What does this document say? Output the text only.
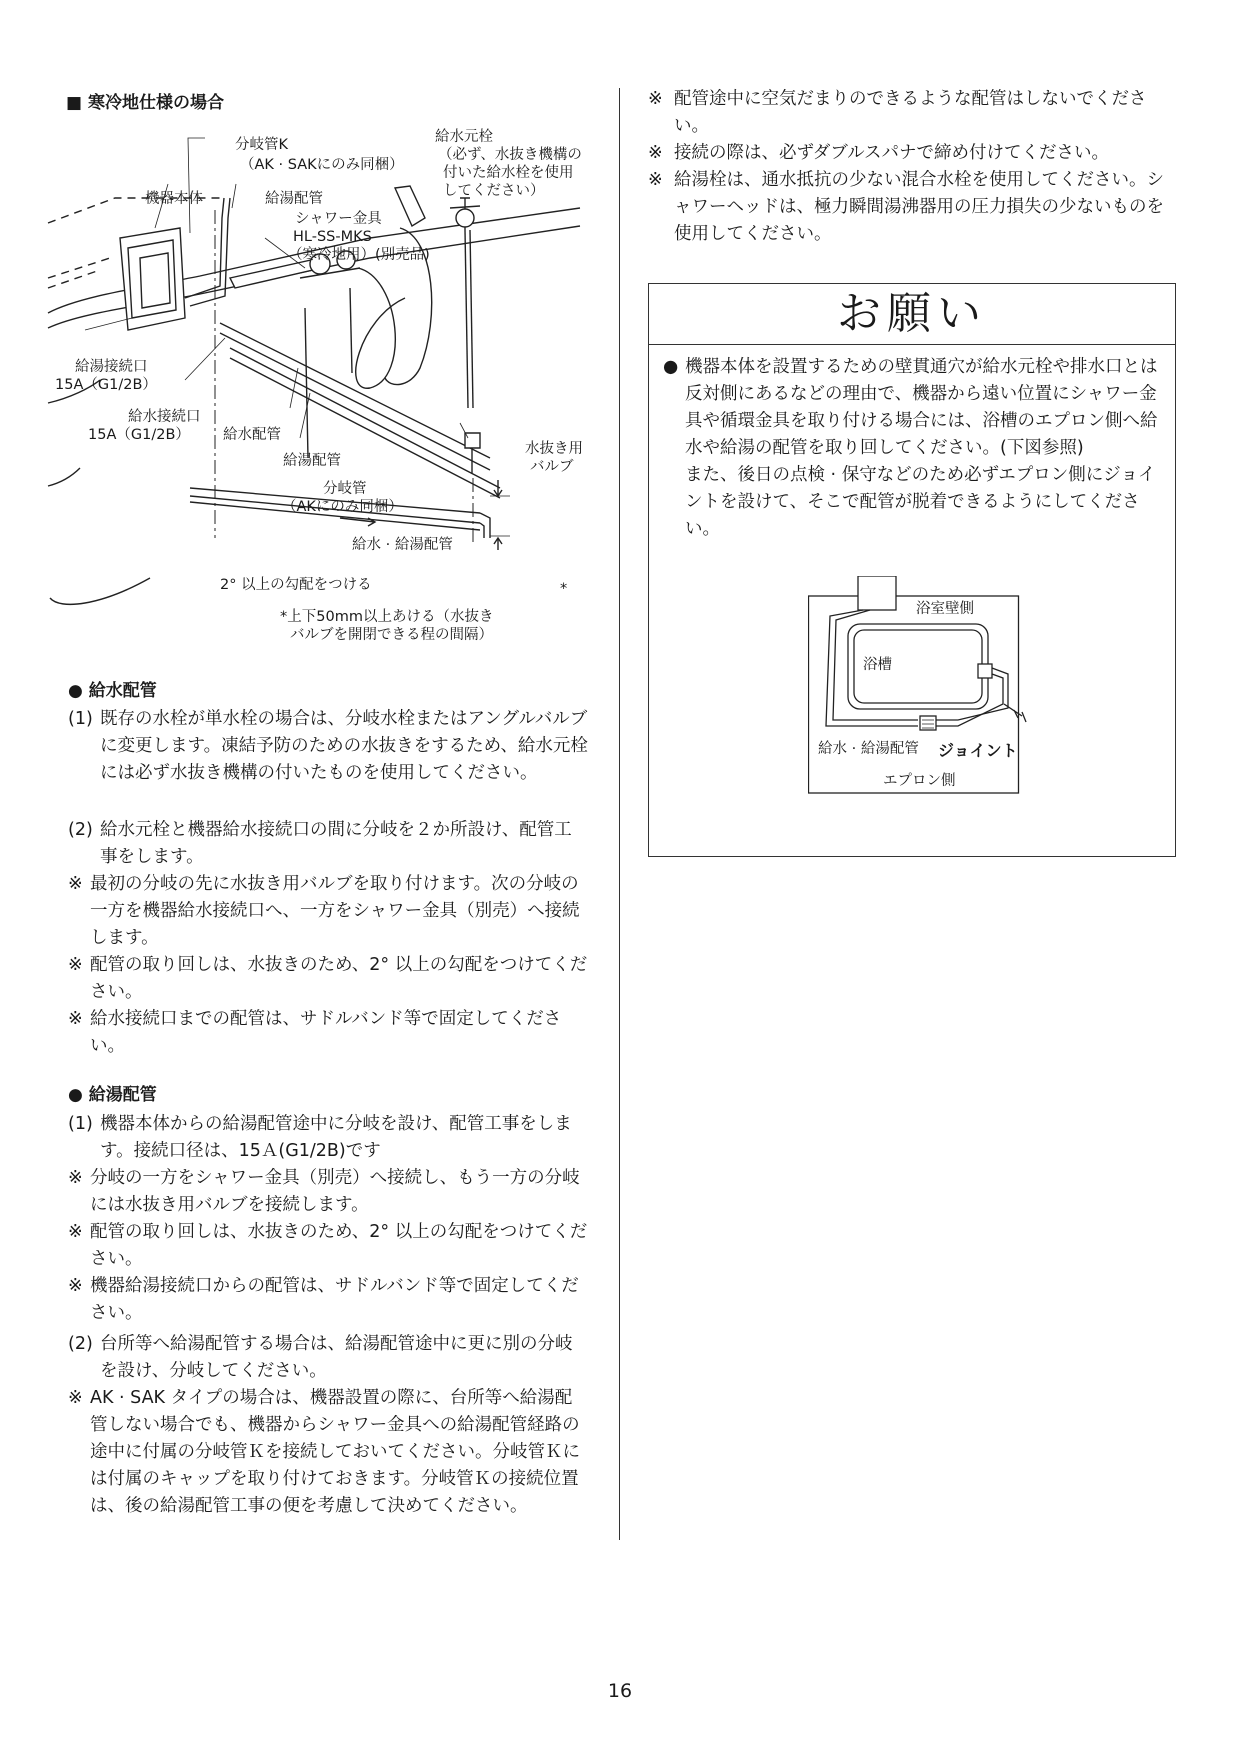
■ 寒冷地仕様の場合
分岐管K
（AK · SAKにのみ同梱）
給水元栓
（必ず、水抜き機構の
付いた給水栓を使用
してください）
機器本体	給湯配管
シャワー金具
HL-SS-MKS
（寒冷地用）(別売品)
給湯接続口
15A（G1/2B）
給水接続口
15A（G1/2B） 給水配管
給湯配管
分岐管
（AKにのみ同梱）
水抜き用
バルブ
給水 · 給湯配管
2° 以上の勾配をつける	*
*上下50mm以上あける（水抜き
バルブを開閉できる程の間隔）
● 給水配管
(1) 既存の水栓が単水栓の場合は、分岐水栓またはアングルバルブに変更します。凍結予防のための水抜きをするため、給水元栓には必ず水抜き機構の付いたものを使用してください。
(2) 給水元栓と機器給水接続口の間に分岐を２か所設け、配管工事をします。
※ 最初の分岐の先に水抜き用バルブを取り付けます。次の分岐の一方を機器給水接続口へ、一方をシャワー金具（別売）へ接続します。
※ 配管の取り回しは、水抜きのため、2° 以上の勾配をつけてください。
※ 給水接続口までの配管は、サドルバンド等で固定してください。
● 給湯配管
(1) 機器本体からの給湯配管途中に分岐を設け、配管工事をします。接続口径は、15Ａ(G1/2B)です
※ 分岐の一方をシャワー金具（別売）へ接続し、もう一方の分岐には水抜き用バルブを接続します。
※ 配管の取り回しは、水抜きのため、2° 以上の勾配をつけてください。
※ 機器給湯接続口からの配管は、サドルバンド等で固定してください。
(2) 台所等へ給湯配管する場合は、給湯配管途中に更に別の分岐を設け、分岐してください。
※ AK · SAK タイプの場合は、機器設置の際に、台所等へ給湯配管しない場合でも、機器からシャワー金具への給湯配管経路の途中に付属の分岐管Ｋを接続しておいてください。分岐管Ｋには付属のキャップを取り付けておきます。分岐管Ｋの接続位置は、後の給湯配管工事の便を考慮して決めてください。
※ 配管途中に空気だまりのできるような配管はしないでください。
※ 接続の際は、必ずダブルスパナで締め付けてください。
※ 給湯栓は、通水抵抗の少ない混合水栓を使用してください。シャワーヘッドは、極力瞬間湯沸器用の圧力損失の少ないものを使用してください。
お願い
● 機器本体を設置するための壁貫通穴が給水元栓や排水口とは反対側にあるなどの理由で、機器から遠い位置にシャワー金具や循環金具を取り付ける場合には、浴槽のエプロン側へ給水や給湯の配管を取り回してください。(下図参照)
また、後日の点検 · 保守などのため必ずエプロン側にジョイントを設けて、そこで配管が脱着できるようにしてください。
浴室壁側
浴槽
給水 · 給湯配管 ジョイント
エプロン側
16
